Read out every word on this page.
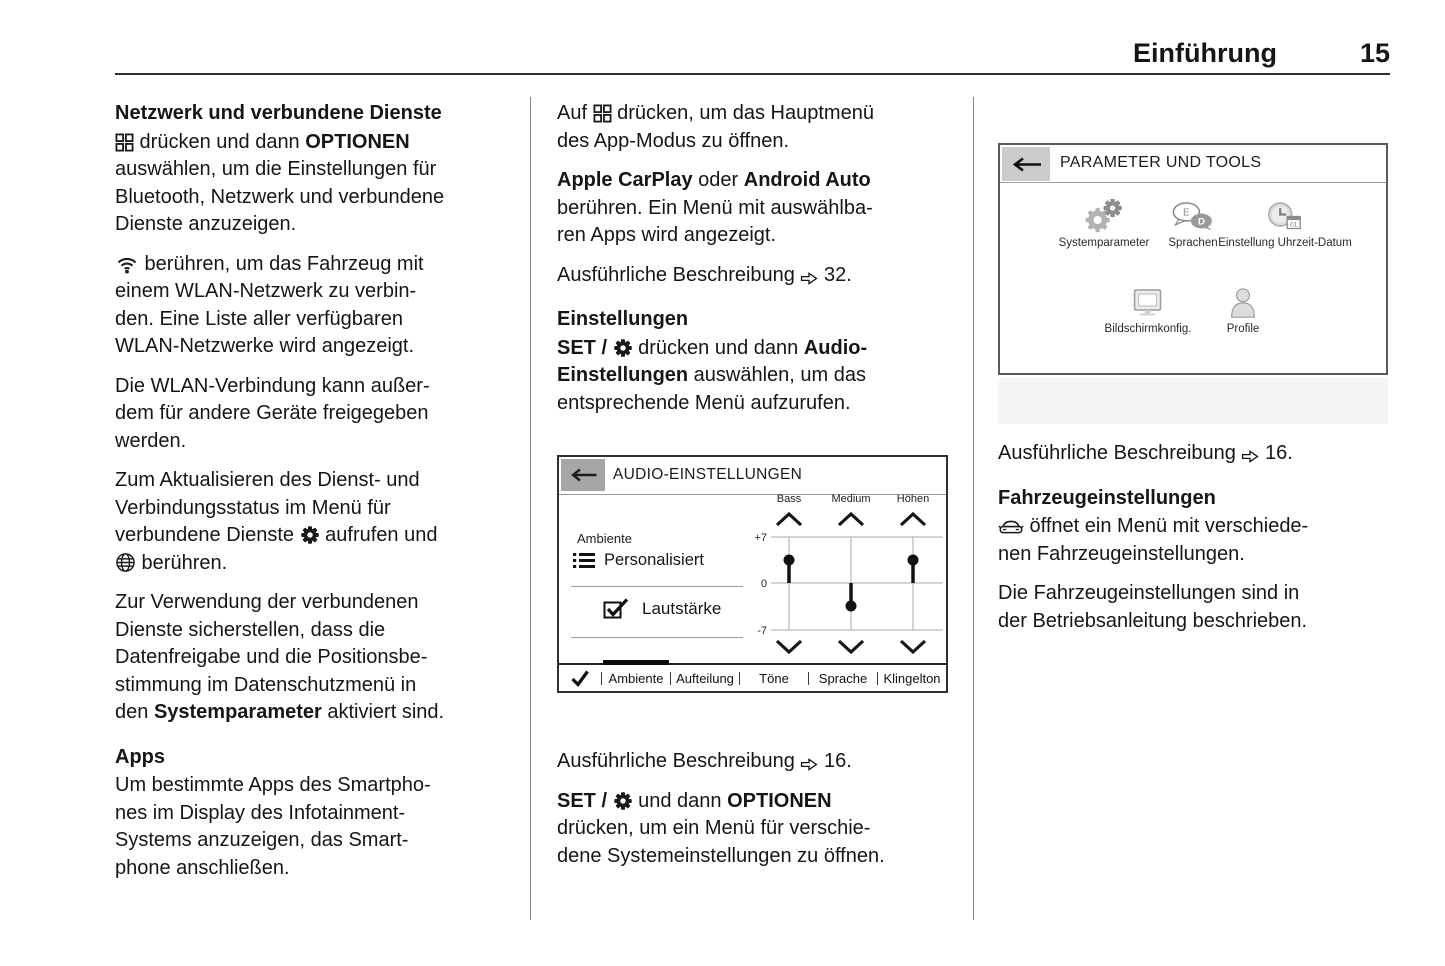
Einführung	15
Netzwerk und verbundene Dienste
drücken und dann OPTIONEN
auswählen, um die Einstellungen für
Bluetooth, Netzwerk und verbundene
Dienste anzuzeigen.
berühren, um das Fahrzeug mit
einem WLAN-Netzwerk zu verbin-
den. Eine Liste aller verfügbaren
WLAN-Netzwerke wird angezeigt.
Die WLAN-Verbindung kann außer-
dem für andere Geräte freigegeben
werden.
Zum Aktualisieren des Dienst- und
Verbindungsstatus im Menü für
verbundene Dienste  aufrufen und
berühren.
Zur Verwendung der verbundenen
Dienste sicherstellen, dass die
Datenfreigabe und die Positionsbe-
stimmung im Datenschutzmenü in
den Systemparameter aktiviert sind.
Apps
Um bestimmte Apps des Smartpho-
nes im Display des Infotainment-
Systems anzuzeigen, das Smart-
phone anschließen.
Auf  drücken, um das Hauptmenü
des App-Modus zu öffnen.
Apple CarPlay oder Android Auto
berühren. Ein Menü mit auswählba-
ren Apps wird angezeigt.
Ausführliche Beschreibung  32.
Einstellungen
SET /  drücken und dann Audio-
Einstellungen auswählen, um das
entsprechende Menü aufzurufen.
AUDIO-EINSTELLUNGEN
Ambiente
Personalisiert
Lautstärke
+7
0
-7
Bass	Medium Höhen
Ambiente Aufteilung	Töne	Sprache	Klingelton
Ausführliche Beschreibung  16.
SET /  und dann OPTIONEN
drücken, um ein Menü für verschie-
dene Systemeinstellungen zu öffnen.
PARAMETER UND TOOLS
Systemparameter
E
D
Sprachen
01
Einstellung Uhrzeit-Datum
Bildschirmkonfig.	Profile
Ausführliche Beschreibung  16.
Fahrzeugeinstellungen
öffnet ein Menü mit verschiede-
nen Fahrzeugeinstellungen.
Die Fahrzeugeinstellungen sind in
der Betriebsanleitung beschrieben.
